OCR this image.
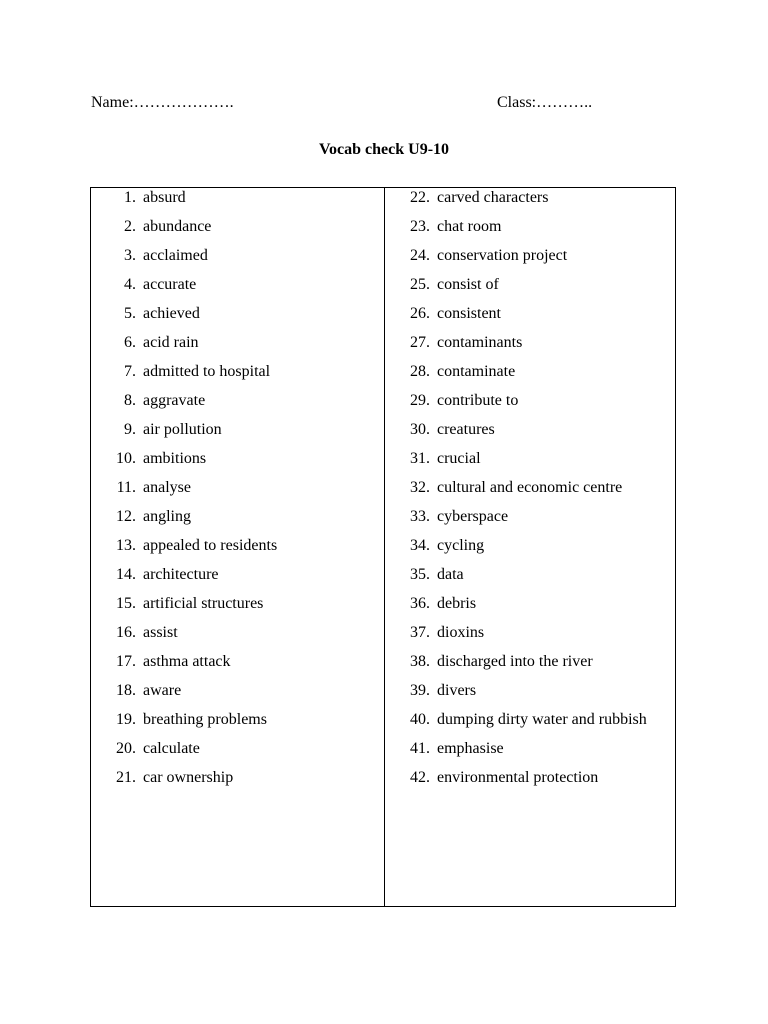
Name:……………….	Class:………..
Vocab check U9-10
1. absurd
2. abundance
3. acclaimed
4. accurate
5. achieved
6. acid rain
7. admitted to hospital
8. aggravate
9. air pollution
10. ambitions
11. analyse
12. angling
13. appealed to residents
14. architecture
15. artificial structures
16. assist
17. asthma attack
18. aware
19. breathing problems
20. calculate
21. car ownership
22. carved characters
23. chat room
24. conservation project
25. consist of
26. consistent
27. contaminants
28. contaminate
29. contribute to
30. creatures
31. crucial
32. cultural and economic centre
33. cyberspace
34. cycling
35. data
36. debris
37. dioxins
38. discharged into the river
39. divers
40. dumping dirty water and rubbish
41. emphasise
42. environmental protection
